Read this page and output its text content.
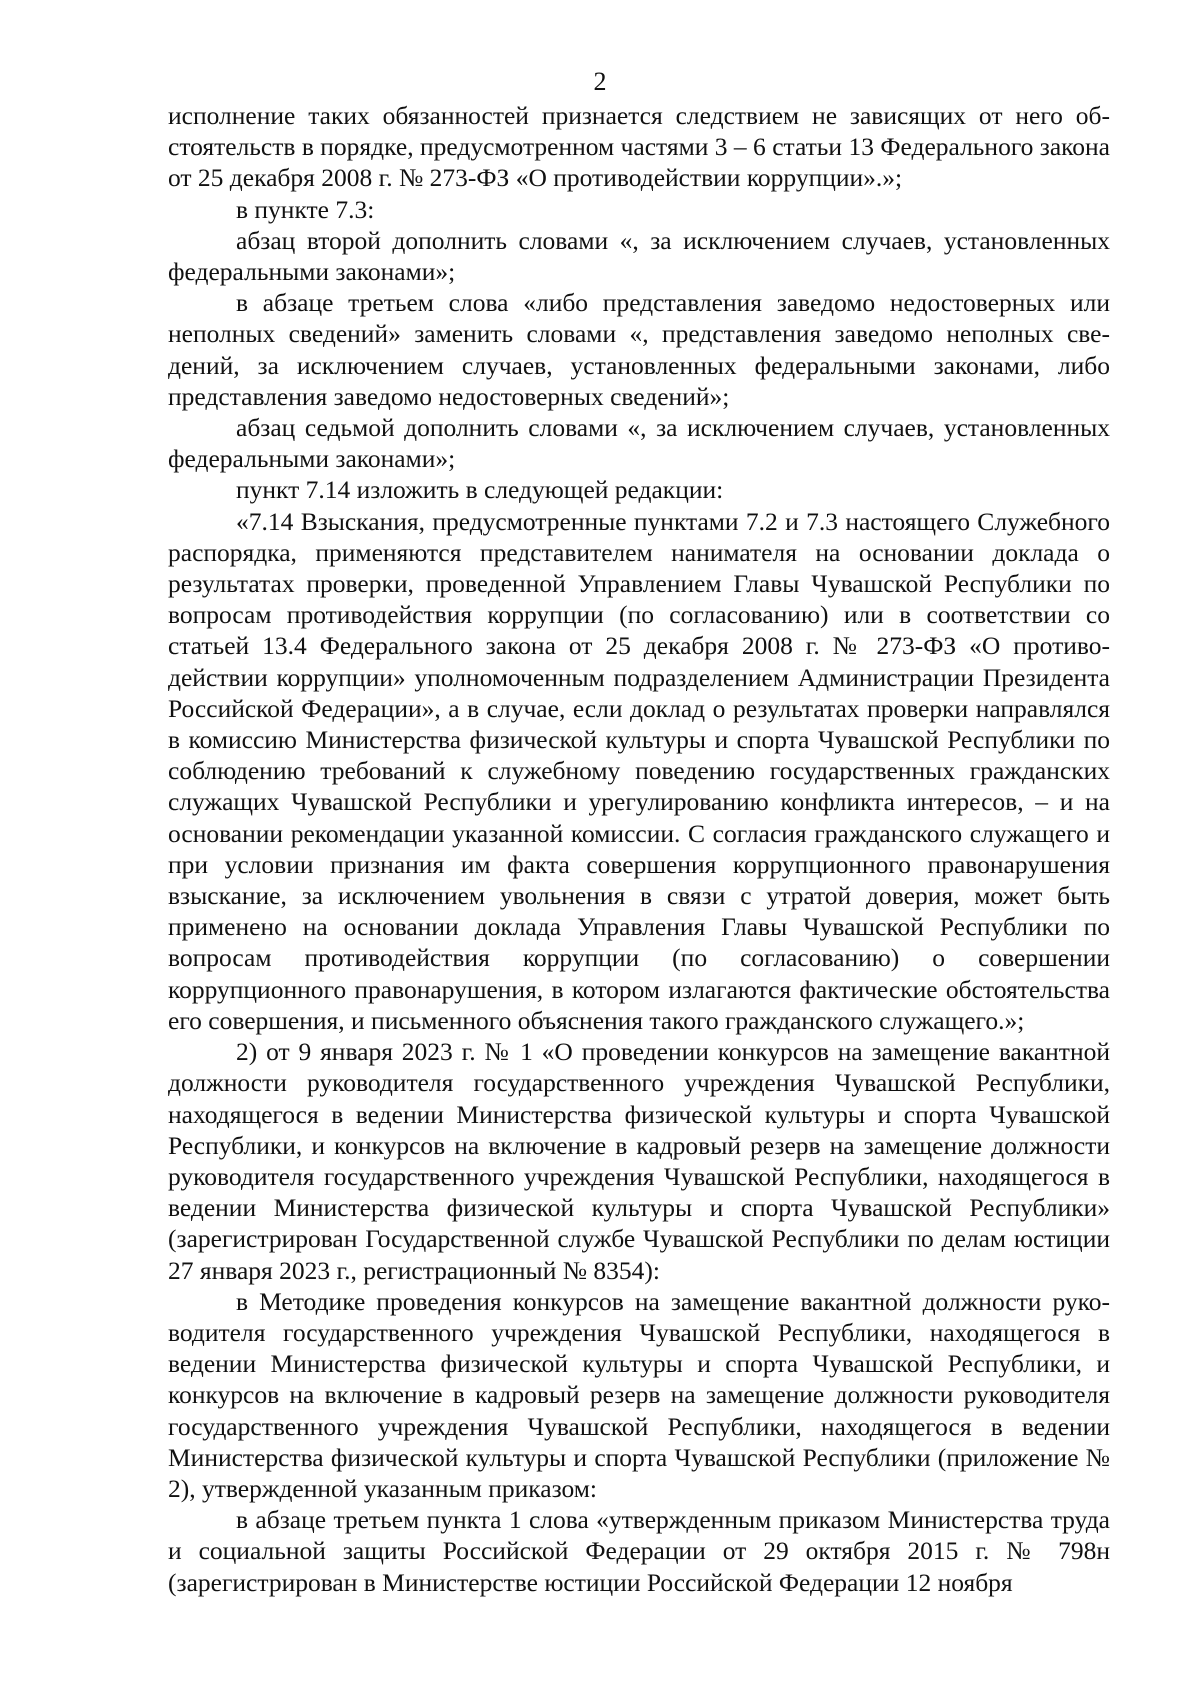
2

исполнение таких обязанностей признается следствием не зависящих от него обстоятельств в порядке, предусмотренном частями 3 – 6 статьи 13 Федерального закона от 25 декабря 2008 г. № 273-ФЗ «О противодействии коррупции».»;

в пункте 7.3:

абзац второй дополнить словами «, за исключением случаев, установленных федеральными законами»;

в абзаце третьем слова «либо представления заведомо недостоверных или неполных сведений» заменить словами «, представления заведомо неполных сведений, за исключением случаев, установленных федеральными законами, либо представления заведомо недостоверных сведений»;

абзац седьмой дополнить словами «, за исключением случаев, установленных федеральными законами»;

пункт 7.14 изложить в следующей редакции:

«7.14 Взыскания, предусмотренные пунктами 7.2 и 7.3 настоящего Служебного распорядка, применяются представителем нанимателя на основании доклада о результатах проверки, проведенной Управлением Главы Чувашской Республики по вопросам противодействия коррупции (по согласованию) или в соответствии со статьей 13.4 Федерального закона от 25 декабря 2008 г. № 273-ФЗ «О противодействии коррупции» уполномоченным подразделением Администрации Президента Российской Федерации», а в случае, если доклад о результатах проверки направлялся в комиссию Министерства физической культуры и спорта Чувашской Республики по соблюдению требований к служебному поведению государственных гражданских служащих Чувашской Республики и урегулированию конфликта интересов, – и на основании рекомендации указанной комиссии. С согласия гражданского служащего и при условии признания им факта совершения коррупционного правонарушения взыскание, за исключением увольнения в связи с утратой доверия, может быть применено на основании доклада Управления Главы Чувашской Республики по вопросам противодействия коррупции (по согласованию) о совершении коррупционного правонарушения, в котором излагаются фактические обстоятельства его совершения, и письменного объяснения такого гражданского служащего.»;

2) от 9 января 2023 г. № 1 «О проведении конкурсов на замещение вакантной должности руководителя государственного учреждения Чувашской Республики, находящегося в ведении Министерства физической культуры и спорта Чувашской Республики, и конкурсов на включение в кадровый резерв на замещение должности руководителя государственного учреждения Чувашской Республики, находящегося в ведении Министерства физической культуры и спорта Чувашской Республики» (зарегистрирован Государственной службе Чувашской Республики по делам юстиции 27 января 2023 г., регистрационный № 8354):

в Методике проведения конкурсов на замещение вакантной должности руководителя государственного учреждения Чувашской Республики, находящегося в ведении Министерства физической культуры и спорта Чувашской Республики, и конкурсов на включение в кадровый резерв на замещение должности руководителя государственного учреждения Чувашской Республики, находящегося в ведении Министерства физической культуры и спорта Чувашской Республики (приложение № 2), утвержденной указанным приказом:

в абзаце третьем пункта 1 слова «утвержденным приказом Министерства труда и социальной защиты Российской Федерации от 29 октября 2015 г. № 798н (зарегистрирован в Министерстве юстиции Российской Федерации 12 ноября
